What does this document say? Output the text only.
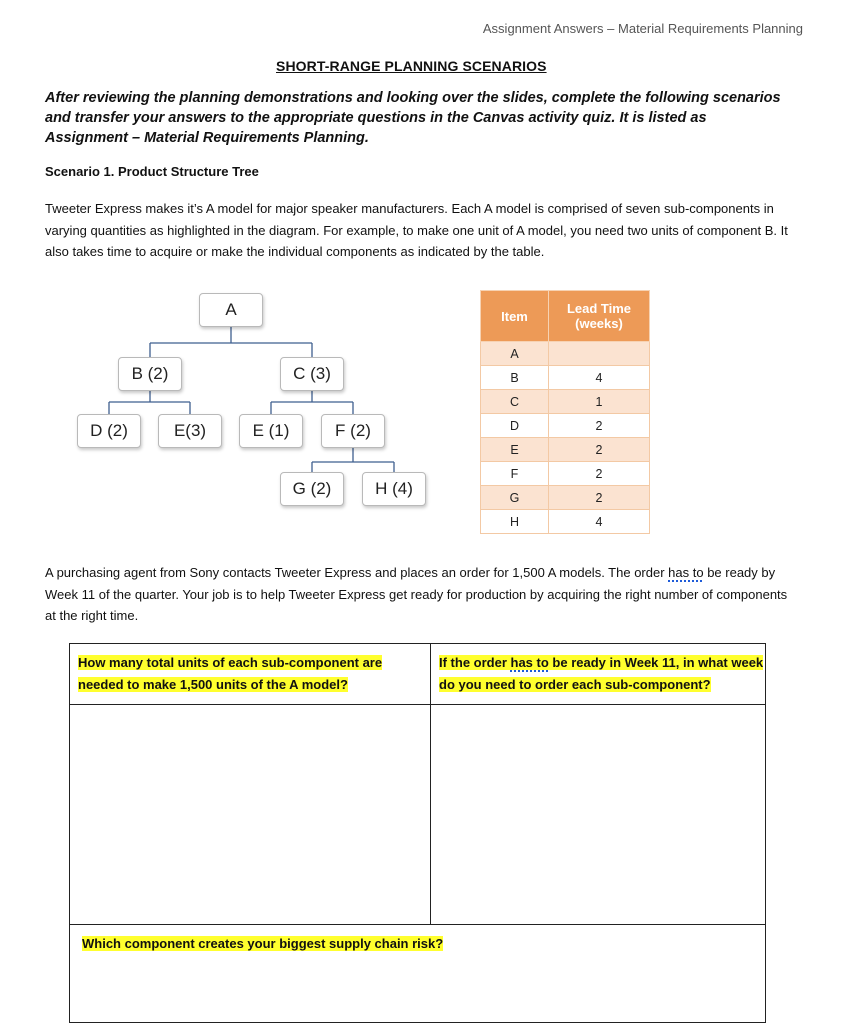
Assignment Answers – Material Requirements Planning
SHORT-RANGE PLANNING SCENARIOS
After reviewing the planning demonstrations and looking over the slides, complete the following scenarios and transfer your answers to the appropriate questions in the Canvas activity quiz. It is listed as Assignment – Material Requirements Planning.
Scenario 1. Product Structure Tree
Tweeter Express makes it’s A model for major speaker manufacturers. Each A model is comprised of seven sub-components in varying quantities as highlighted in the diagram. For example, to make one unit of A model, you need two units of component B. It also takes time to acquire or make the individual components as indicated by the table.
A
B (2)	C (3)
D (2)	E(3)	E (1)	F (2)
G (2)	H (4)
Item	Lead Time
(weeks)

A	
B	4
C	1
D	2
E	2
F	2
G	2
H	4
A purchasing agent from Sony contacts Tweeter Express and places an order for 1,500 A models. The order has to be ready by Week 11 of the quarter. Your job is to help Tweeter Express get ready for production by acquiring the right number of components at the right time.
How many total units of each sub-component are needed to make 1,500 units of the A model?
If the order has to be ready in Week 11, in what week do you need to order each sub-component?
Which component creates your biggest supply chain risk?
